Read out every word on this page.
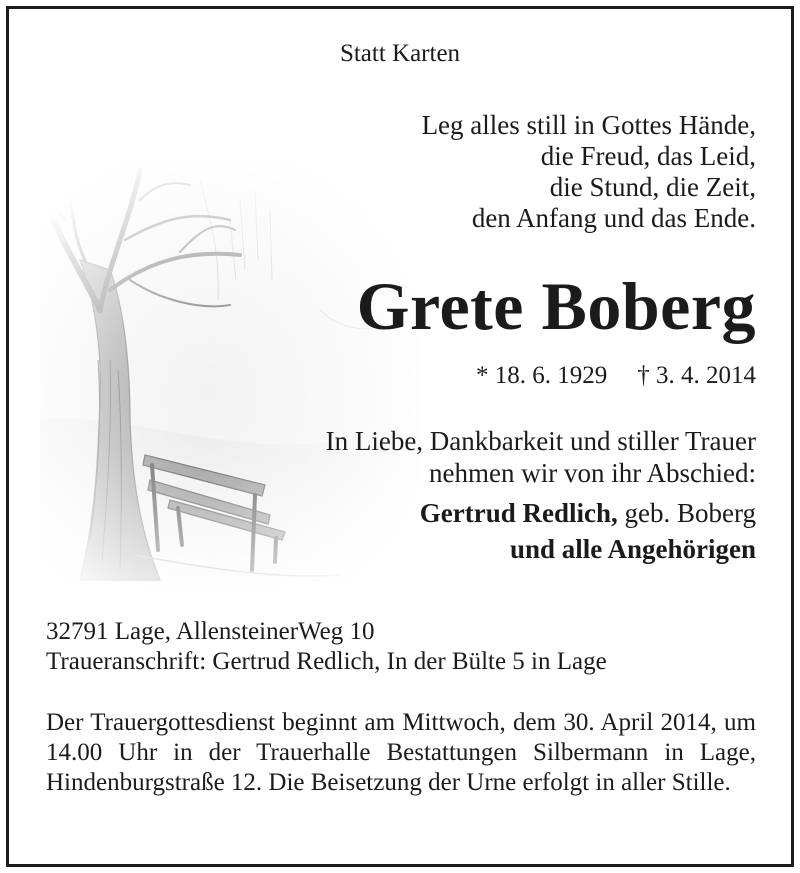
Statt Karten
Leg alles still in Gottes Hände,
die Freud, das Leid,
die Stund, die Zeit,
den Anfang und das Ende.
Grete Boberg
* 18. 6. 1929 † 3. 4. 2014
In Liebe, Dankbarkeit und stiller Trauer
nehmen wir von ihr Abschied:
Gertrud Redlich, geb. Boberg
und alle Angehörigen
32791 Lage, AllensteinerWeg 10
Traueranschrift: Gertrud Redlich, In der Bülte 5 in Lage
Der Trauergottesdienst beginnt am Mittwoch, dem 30. April 2014, um 14.00 Uhr in der Trauerhalle Bestattungen Silbermann in Lage, Hindenburgstraße 12. Die Beisetzung der Urne erfolgt in aller Stille.
